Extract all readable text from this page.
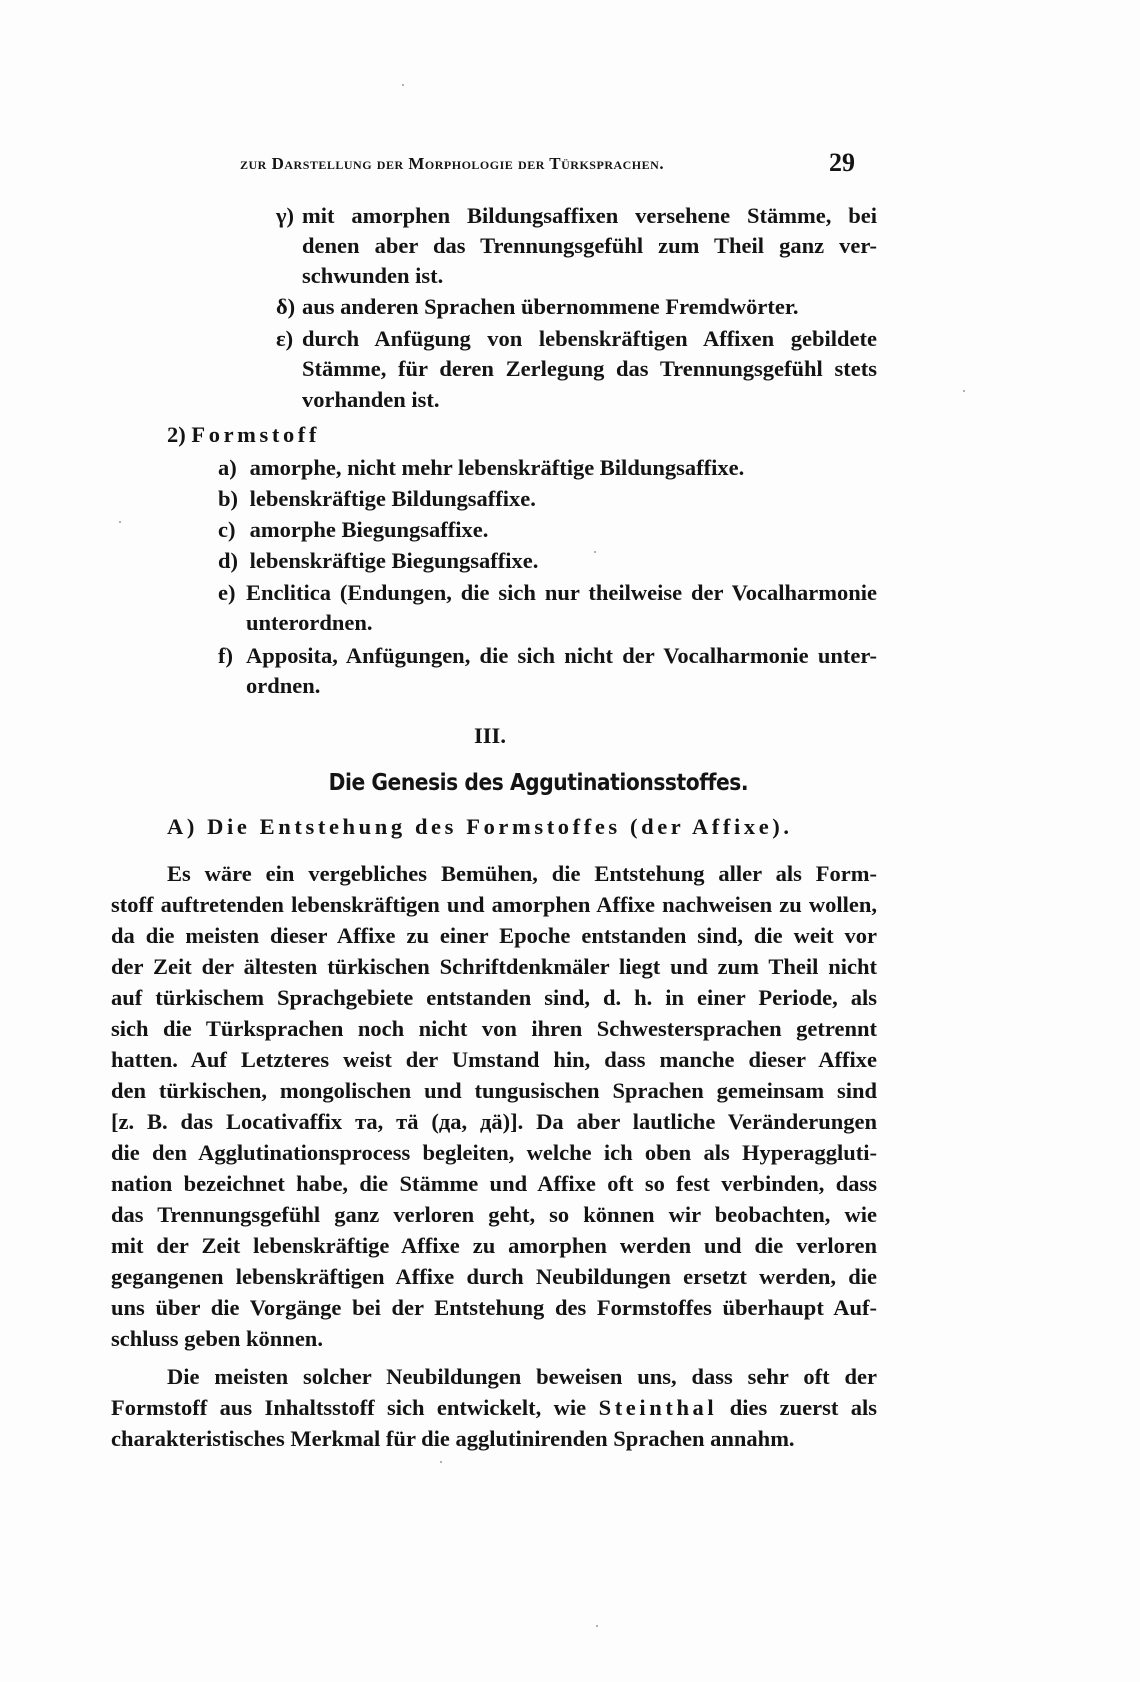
zur Darstellung der Morphologie der Türksprachen.	29
γ) mit amorphen Bildungsaffixen versehene Stämme, bei
denen aber das Trennungsgefühl zum Theil ganz ver-
schwunden ist.
δ) aus anderen Sprachen übernommene Fremdwörter.
ε) durch Anfügung von lebenskräftigen Affixen gebildete
Stämme, für deren Zerlegung das Trennungsgefühl stets
vorhanden ist.
2) Formstoff
a) amorphe, nicht mehr lebenskräftige Bildungsaffixe.
b) lebenskräftige Bildungsaffixe.
c) amorphe Biegungsaffixe.
d) lebenskräftige Biegungsaffixe.
e) Enclitica (Endungen, die sich nur theilweise der Vocalharmonie
unterordnen.
f) Apposita, Anfügungen, die sich nicht der Vocalharmonie unter-
ordnen.
III.
Die Genesis des Aggutinationsstoffes.
A) Die Entstehung des Formstoffes (der Affixe).
Es wäre ein vergebliches Bemühen, die Entstehung aller als Form-
stoff auftretenden lebenskräftigen und amorphen Affixe nachweisen zu wollen,
da die meisten dieser Affixe zu einer Epoche entstanden sind, die weit vor
der Zeit der ältesten türkischen Schriftdenkmäler liegt und zum Theil nicht
auf türkischem Sprachgebiete entstanden sind, d. h. in einer Periode, als
sich die Türksprachen noch nicht von ihren Schwestersprachen getrennt
hatten. Auf Letzteres weist der Umstand hin, dass manche dieser Affixe
den türkischen, mongolischen und tungusischen Sprachen gemeinsam sind
[z. B. das Locativaffix та, тä (да, дä)]. Da aber lautliche Veränderungen
die den Agglutinationsprocess begleiten, welche ich oben als Hyperaggluti-
nation bezeichnet habe, die Stämme und Affixe oft so fest verbinden, dass
das Trennungsgefühl ganz verloren geht, so können wir beobachten, wie
mit der Zeit lebenskräftige Affixe zu amorphen werden und die verloren
gegangenen lebenskräftigen Affixe durch Neubildungen ersetzt werden, die
uns über die Vorgänge bei der Entstehung des Formstoffes überhaupt Auf-
schluss geben können.
Die meisten solcher Neubildungen beweisen uns, dass sehr oft der
Formstoff aus Inhaltsstoff sich entwickelt, wie Steinthal dies zuerst als
charakteristisches Merkmal für die agglutinirenden Sprachen annahm.
